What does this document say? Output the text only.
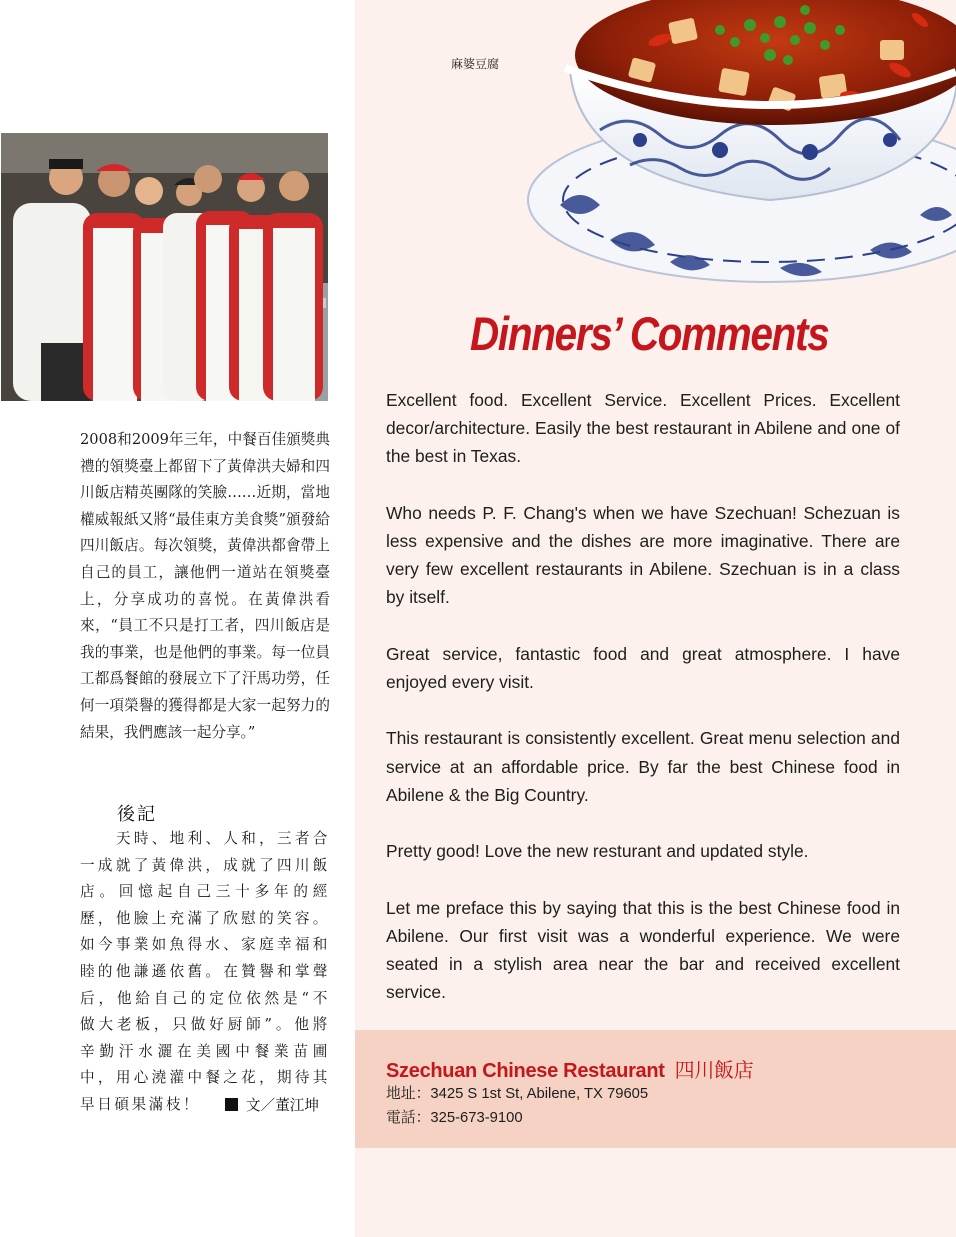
麻婆豆腐
2008和2009年三年，中餐百佳頒獎典禮的領獎臺上都留下了黃偉洪夫婦和四川飯店精英團隊的笑臉……近期，當地權威報紙又將“最佳東方美食獎”頒發給四川飯店。每次領獎，黃偉洪都會帶上自己的員工，讓他們一道站在領獎臺上，分享成功的喜悦。在黃偉洪看來，“員工不只是打工者，四川飯店是我的事業，也是他們的事業。每一位員工都爲餐館的發展立下了汗馬功勞，任何一項榮譽的獲得都是大家一起努力的結果，我們應該一起分享。”
後記
天時、地利、人和，三者合一成就了黃偉洪，成就了四川飯店。回憶起自己三十多年的經歷，他臉上充滿了欣慰的笑容。如今事業如魚得水、家庭幸福和睦的他謙遜依舊。在贊譽和掌聲后，他給自己的定位依然是“不做大老板，只做好厨師”。他將辛勤汗水灑在美國中餐業苗圃中，用心澆灌中餐之花，期待其早日碩果滿枝！	文／董江坤
Dinners’ Comments

Excellent food. Excellent Service. Excellent Prices. Excellent decor/architecture. Easily the best restaurant in Abilene and one of the best in Texas.

Who needs P. F. Chang's when we have Szechuan! Schezuan is less expensive and the dishes are more imaginative. There are very few excellent restaurants in Abilene. Szechuan is in a class by itself.

Great service, fantastic food and great atmosphere. I have enjoyed every visit.

This restaurant is consistently excellent. Great menu selection and service at an affordable price. By far the best Chinese food in Abilene & the Big Country.

Pretty good! Love the new resturant and updated style.

Let me preface this by saying that this is the best Chinese food in Abilene. Our first visit was a wonderful experience. We were seated in a stylish area near the bar and received excellent service.

Szechuan Chinese Restaurant 四川飯店
地址：3425 S 1st St, Abilene, TX 79605
電話：325-673-9100
